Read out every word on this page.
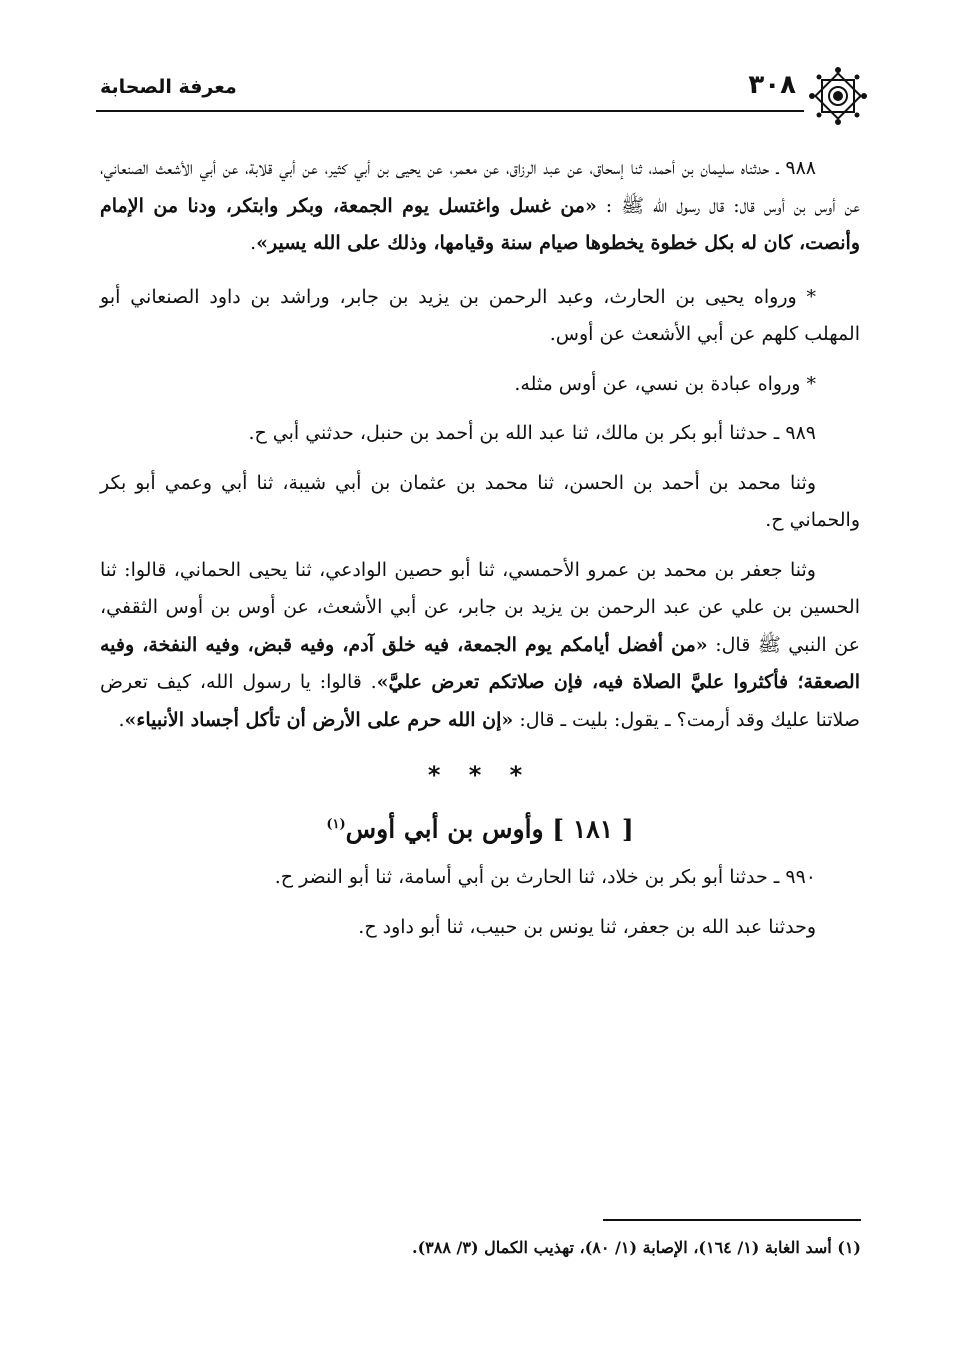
٣٠٨
معرفة الصحابة

٩٨٨ ـ حدثناه سليمان بن أحمد، ثنا إسحاق، عن عبد الرزاق، عن معمر، عن يحيى بن أبي كثير، عن أبي قلابة، عن أبي الأشعث الصنعاني، عن أوس بن أوس قال: قال رسول الله ﷺ : «من غسل واغتسل يوم الجمعة، وبكر وابتكر، ودنا من الإمام وأنصت، كان له بكل خطوة يخطوها صيام سنة وقيامها، وذلك على الله يسير».

* ورواه يحيى بن الحارث، وعبد الرحمن بن يزيد بن جابر، وراشد بن داود الصنعاني أبو المهلب كلهم عن أبي الأشعث عن أوس.

* ورواه عبادة بن نسي، عن أوس مثله.

٩٨٩ ـ حدثنا أبو بكر بن مالك، ثنا عبد الله بن أحمد بن حنبل، حدثني أبي ح.

وثنا محمد بن أحمد بن الحسن، ثنا محمد بن عثمان بن أبي شيبة، ثنا أبي وعمي أبو بكر والحماني ح.

وثنا جعفر بن محمد بن عمرو الأحمسي، ثنا أبو حصين الوادعي، ثنا يحيى الحماني، قالوا: ثنا الحسين بن علي عن عبد الرحمن بن يزيد بن جابر، عن أبي الأشعث، عن أوس بن أوس الثقفي، عن النبي ﷺ قال: «من أفضل أيامكم يوم الجمعة، فيه خلق آدم، وفيه قبض، وفيه النفخة، وفيه الصعقة؛ فأكثروا عليَّ الصلاة فيه، فإن صلاتكم تعرض عليَّ». قالوا: يا رسول الله، كيف تعرض صلاتنا عليك وقد أرمت؟ ـ يقول: بليت ـ قال: «إن الله حرم على الأرض أن تأكل أجساد الأنبياء».

* * *
[ ١٨١ ] وأوس بن أبي أوس$^{(١)}$

٩٩٠ ـ حدثنا أبو بكر بن خلاد، ثنا الحارث بن أبي أسامة، ثنا أبو النضر ح.

وحدثنا عبد الله بن جعفر، ثنا يونس بن حبيب، ثنا أبو داود ح.

(١) أسد الغابة (١/ ١٦٤)، الإصابة (١/ ٨٠)، تهذيب الكمال (٣/ ٣٨٨).
